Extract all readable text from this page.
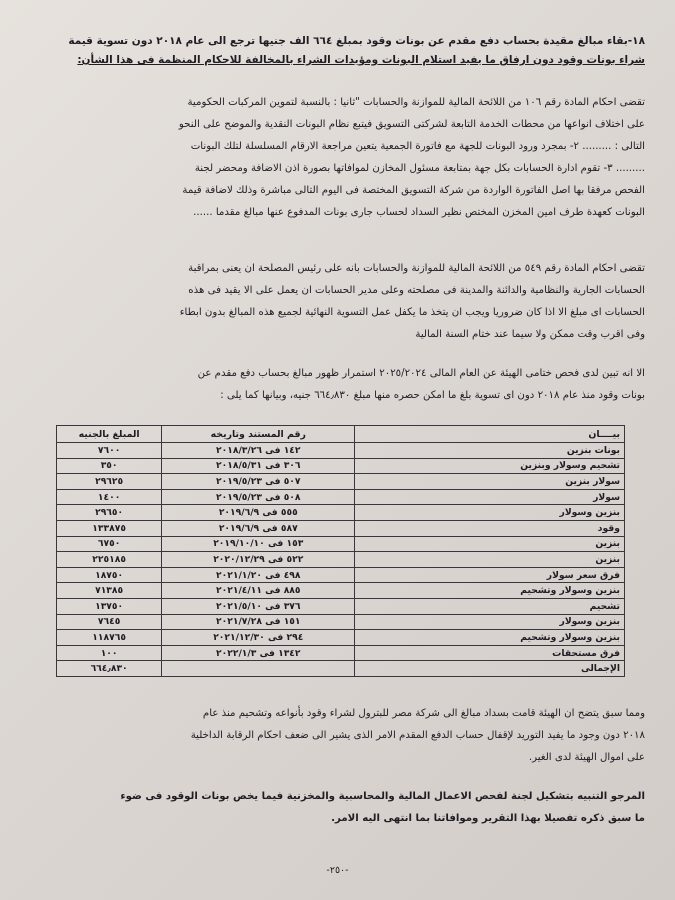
١٨-بقاء مبالغ مقيدة بحساب دفع مقدم عن بونات وقود بمبلغ ٦٦٤ الف جنيها ترجع الى عام ٢٠١٨ دون تسوية قيمة
شراء بونات وقود دون ارفاق ما يفيد استلام البونات ومؤيدات الشراء بالمخالفة للاحكام المنظمة فى هذا الشأن:
تقضى احكام المادة رقم ١٠٦ من اللائحة المالية للموازنة والحسابات "ثانيا : بالنسبة لتموين المركبات الحكومية
على اختلاف انواعها من محطات الخدمة التابعة لشركتى التسويق فيتبع نظام البونات النقدية والموضح على النحو
التالى : ......... ٢- بمجرد ورود البونات للجهة مع فاتورة الجمعية يتعين مراجعة الارقام المسلسلة لتلك البونات
......... ٣- تقوم ادارة الحسابات بكل جهة بمتابعة مسئول المخازن لموافاتها بصورة اذن الاضافة ومحضر لجنة
الفحص مرفقا بها اصل الفاتورة الواردة من شركة التسويق المختصة فى اليوم التالى مباشرة وذلك لاضافة قيمة
البونات كعهدة طرف امين المخزن المختص نظير السداد لحساب جارى بونات المدفوع عنها مبالغ مقدما ......
تقضى احكام المادة رقم ٥٤٩ من اللائحة المالية للموازنة والحسابات بانه على رئيس المصلحة ان يعنى بمراقبة
الحسابات الجارية والنظامية والدائنة والمدينة فى مصلحته وعلى مدير الحسابات ان يعمل على الا يقيد فى هذه
الحسابات اى مبلغ الا اذا كان ضروريا ويجب ان يتخذ ما يكفل عمل التسوية النهائية لجميع هذه المبالغ بدون ابطاء
وفى اقرب وقت ممكن ولا سيما عند ختام السنة المالية
الا انه تبين لدى فحص ختامى الهيئة عن العام المالى ٢٠٢٥/٢٠٢٤ استمرار ظهور مبالغ بحساب دفع مقدم عن
بونات وقود منذ عام ٢٠١٨ دون اى تسوية بلغ ما امكن حصره منها مبلغ ٦٦٤٫٨٣٠ جنيه، وبيانها كما يلى :
بيــــان	رقم المستند وتاريخه	المبلغ بالجنيه
بونات بنزين	١٤٢ فى ٢٠١٨/٣/٢٦	٧٦٠٠
تشحيم وسولار وبنزين	٣٠٦ فى ٢٠١٨/٥/٣١	٣٥٠
سولار بنزين	٥٠٧ فى ٢٠١٩/٥/٢٣	٢٩٦٢٥
سولار	٥٠٨ فى ٢٠١٩/٥/٢٣	١٤٠٠
بنزين وسولار	٥٥٥ فى ٢٠١٩/٦/٩	٢٩٦٥٠
وقود	٥٨٧ فى ٢٠١٩/٦/٩	١٣٣٨٧٥
بنزين	١٥٣ فى ٢٠١٩/١٠/١٠	٦٧٥٠
بنزين	٥٢٢ فى ٢٠٢٠/١٢/٢٩	٢٢٥١٨٥
فرق سعر سولار	٤٩٨ فى ٢٠٢١/١/٢٠	١٨٧٥٠
بنزين وسولار وتشحيم	٨٨٥ فى ٢٠٢١/٤/١١	٧١٣٨٥
تشحيم	٣٧٦ فى ٢٠٢١/٥/١٠	١٣٧٥٠
بنزين وسولار	١٥١ فى ٢٠٢١/٧/٢٨	٧٦٤٥
بنزين وسولار وتشحيم	٢٩٤ فى ٢٠٢١/١٢/٣٠	١١٨٧٦٥
فرق مستحقات	١٣٤٢ فى ٢٠٢٢/١/٣	١٠٠
الإجمالى		٦٦٤٫٨٣٠
ومما سبق يتضح ان الهيئة قامت بسداد مبالغ الى شركة مصر للبترول لشراء وقود بأنواعه وتشحيم منذ عام
٢٠١٨ دون وجود ما يفيد التوريد لإقفال حساب الدفع المقدم الامر الذى يشير الى ضعف احكام الرقابة الداخلية
على اموال الهيئة لدى الغير.
المرجو التنبيه بتشكيل لجنة لفحص الاعمال المالية والمحاسبية والمخزنية فيما يخص بونات الوقود فى ضوء
ما سبق ذكره تفصيلا بهذا التقرير وموافاتنا بما انتهى اليه الامر.
-٢٥٠-
